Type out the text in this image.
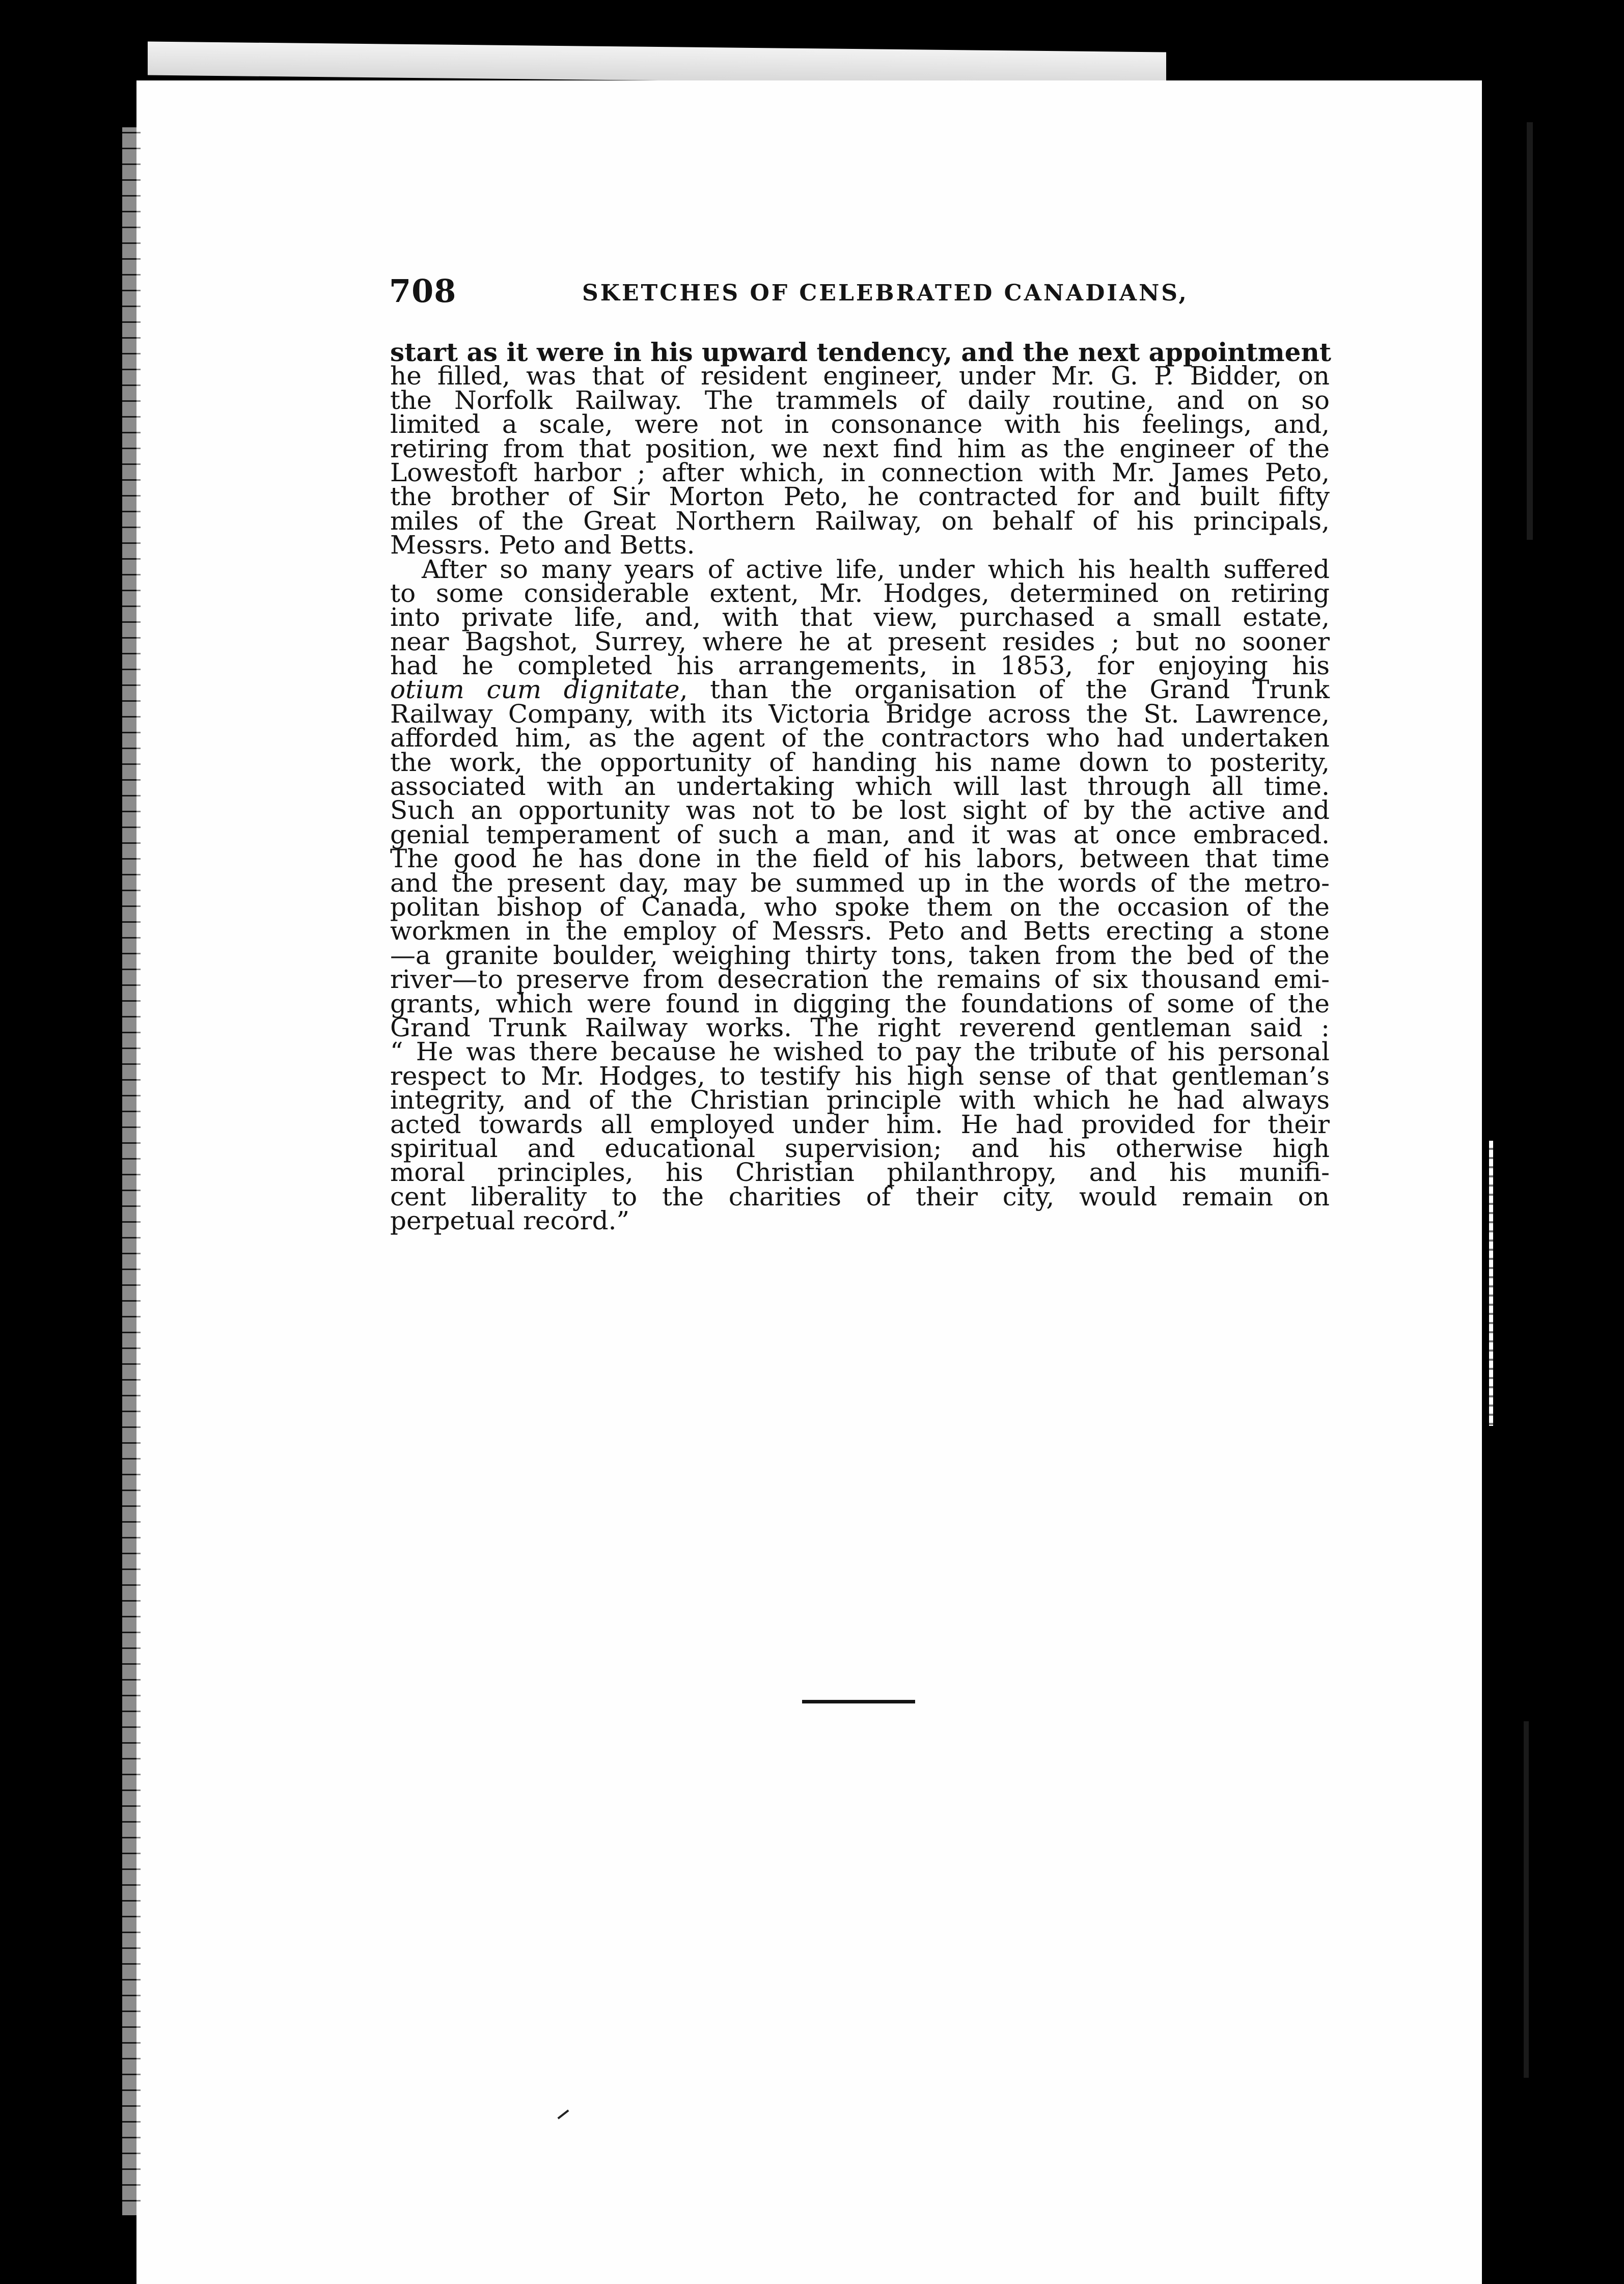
708	SKETCHES OF CELEBRATED CANADIANS,
start as it were in his upward tendency, and the next appointment
he filled, was that of resident engineer, under Mr. G. P. Bidder, on
the Norfolk Railway. The trammels of daily routine, and on so
limited a scale, were not in consonance with his feelings, and,
retiring from that position, we next find him as the engineer of the
Lowestoft harbor ; after which, in connection with Mr. James Peto,
the brother of Sir Morton Peto, he contracted for and built fifty
miles of the Great Northern Railway, on behalf of his principals,
Messrs. Peto and Betts.
After so many years of active life, under which his health suffered
to some considerable extent, Mr. Hodges, determined on retiring
into private life, and, with that view, purchased a small estate,
near Bagshot, Surrey, where he at present resides ; but no sooner
had he completed his arrangements, in 1853, for enjoying his
otium cum dignitate, than the organisation of the Grand Trunk
Railway Company, with its Victoria Bridge across the St. Lawrence,
afforded him, as the agent of the contractors who had undertaken
the work, the opportunity of handing his name down to posterity,
associated with an undertaking which will last through all time.
Such an opportunity was not to be lost sight of by the active and
genial temperament of such a man, and it was at once embraced.
The good he has done in the field of his labors, between that time
and the present day, may be summed up in the words of the metro-
politan bishop of Canada, who spoke them on the occasion of the
workmen in the employ of Messrs. Peto and Betts erecting a stone
—a granite boulder, weighing thirty tons, taken from the bed of the
river—to preserve from desecration the remains of six thousand emi-
grants, which were found in digging the foundations of some of the
Grand Trunk Railway works. The right reverend gentleman said :
“ He was there because he wished to pay the tribute of his personal
respect to Mr. Hodges, to testify his high sense of that gentleman’s
integrity, and of the Christian principle with which he had always
acted towards all employed under him. He had provided for their
spiritual and educational supervision; and his otherwise high
moral principles, his Christian philanthropy, and his munifi-
cent liberality to the charities of their city, would remain on
perpetual record.”
